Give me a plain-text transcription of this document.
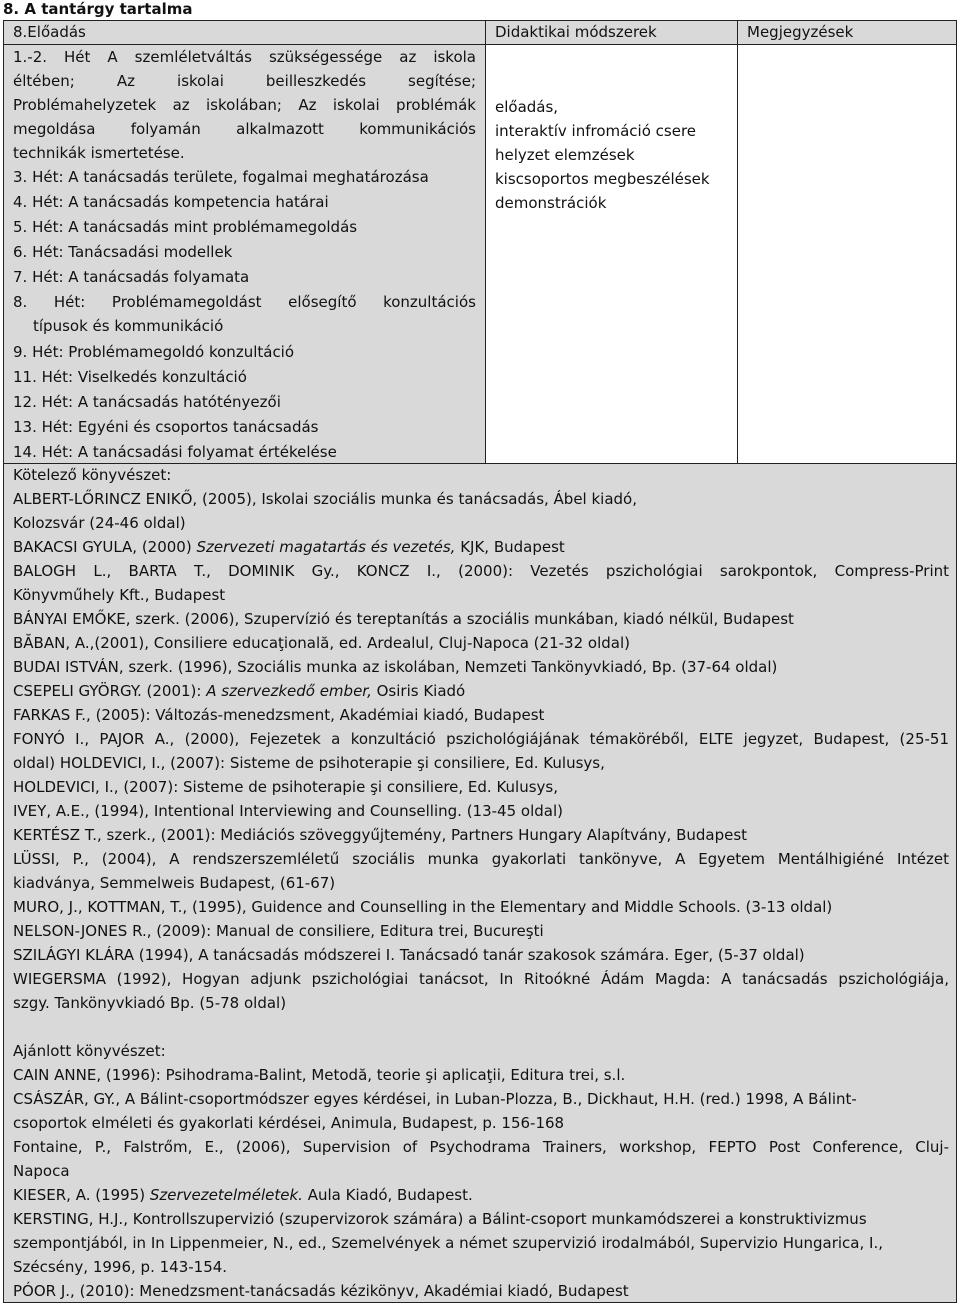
8. A tantárgy tartalma
8.Előadás	Didaktikai módszerek	Megjegyzések
1.-2. Hét A szemléletváltás szükségessége az iskola
éltében; Az iskolai beilleszkedés segítése;
Problémahelyzetek az iskolában; Az iskolai problémák
megoldása folyamán alkalmazott kommunikációs
technikák ismertetése.
3. Hét: A tanácsadás területe, fogalmai meghatározása
4. Hét: A tanácsadás kompetencia határai
5. Hét: A tanácsadás mint problémamegoldás
6. Hét: Tanácsadási modellek
7. Hét: A tanácsadás folyamata
8. Hét: Problémamegoldást elősegítő konzultációs
típusok és kommunikáció
9. Hét: Problémamegoldó konzultáció
11. Hét: Viselkedés konzultáció
12. Hét: A tanácsadás hatótényezői
13. Hét: Egyéni és csoportos tanácsadás
14. Hét: A tanácsadási folyamat értékelése
előadás,
interaktív infromáció csere
helyzet elemzések
kiscsoportos megbeszélések
demonstrációk
Kötelező könyvészet:
ALBERT-LŐRINCZ ENIKŐ, (2005), Iskolai szociális munka és tanácsadás, Ábel kiadó,
Kolozsvár (24-46 oldal)
BAKACSI GYULA, (2000) Szervezeti magatartás és vezetés, KJK, Budapest
BALOGH L., BARTA T., DOMINIK Gy., KONCZ I., (2000): Vezetés pszichológiai sarokpontok, Compress-Print
Könyvműhely Kft., Budapest
BÁNYAI EMŐKE, szerk. (2006), Szupervízió és tereptanítás a szociális munkában, kiadó nélkül, Budapest
BĂBAN, A.,(2001), Consiliere educaţională, ed. Ardealul, Cluj-Napoca (21-32 oldal)
BUDAI ISTVÁN, szerk. (1996), Szociális munka az iskolában, Nemzeti Tankönyvkiadó, Bp. (37-64 oldal)
CSEPELI GYÖRGY. (2001): A szervezkedő ember, Osiris Kiadó
FARKAS F., (2005): Változás-menedzsment, Akadémiai kiadó, Budapest
FONYÓ I., PAJOR A., (2000), Fejezetek a konzultáció pszichológiájának témaköréből, ELTE jegyzet, Budapest, (25-51
oldal) HOLDEVICI, I., (2007): Sisteme de psihoterapie şi consiliere, Ed. Kulusys,
HOLDEVICI, I., (2007): Sisteme de psihoterapie şi consiliere, Ed. Kulusys,
IVEY, A.E., (1994), Intentional Interviewing and Counselling. (13-45 oldal)
KERTÉSZ T., szerk., (2001): Mediációs szöveggyűjtemény, Partners Hungary Alapítvány, Budapest
LÜSSI, P., (2004), A rendszerszemléletű szociális munka gyakorlati tankönyve, A Egyetem Mentálhigiéné Intézet
kiadványa, Semmelweis Budapest, (61-67)
MURO, J., KOTTMAN, T., (1995), Guidence and Counselling in the Elementary and Middle Schools. (3-13 oldal)
NELSON-JONES R., (2009): Manual de consiliere, Editura trei, Bucureşti
SZILÁGYI KLÁRA (1994), A tanácsadás módszerei I. Tanácsadó tanár szakosok számára. Eger, (5-37 oldal)
WIEGERSMA (1992), Hogyan adjunk pszichológiai tanácsot, In Ritoókné Ádám Magda: A tanácsadás pszichológiája,
szgy. Tankönyvkiadó Bp. (5-78 oldal)
Ajánlott könyvészet:
CAIN ANNE, (1996): Psihodrama-Balint, Metodă, teorie şi aplicaţii, Editura trei, s.l.
CSÁSZÁR, GY., A Bálint-csoportmódszer egyes kérdései, in Luban-Plozza, B., Dickhaut, H.H. (red.) 1998, A Bálint-
csoportok elméleti és gyakorlati kérdései, Animula, Budapest, p. 156-168
Fontaine, P., Falstrőm, E., (2006), Supervision of Psychodrama Trainers, workshop, FEPTO Post Conference, Cluj-
Napoca
KIESER, A. (1995) Szervezetelméletek. Aula Kiadó, Budapest.
KERSTING, H.J., Kontrollszupervizió (szupervizorok számára) a Bálint-csoport munkamódszerei a konstruktivizmus
szempontjából, in In Lippenmeier, N., ed., Szemelvények a német szupervizió irodalmából, Supervizio Hungarica, I.,
Szécsény, 1996, p. 143-154.
PÓOR J., (2010): Menedzsment-tanácsadás kézikönyv, Akadémiai kiadó, Budapest
